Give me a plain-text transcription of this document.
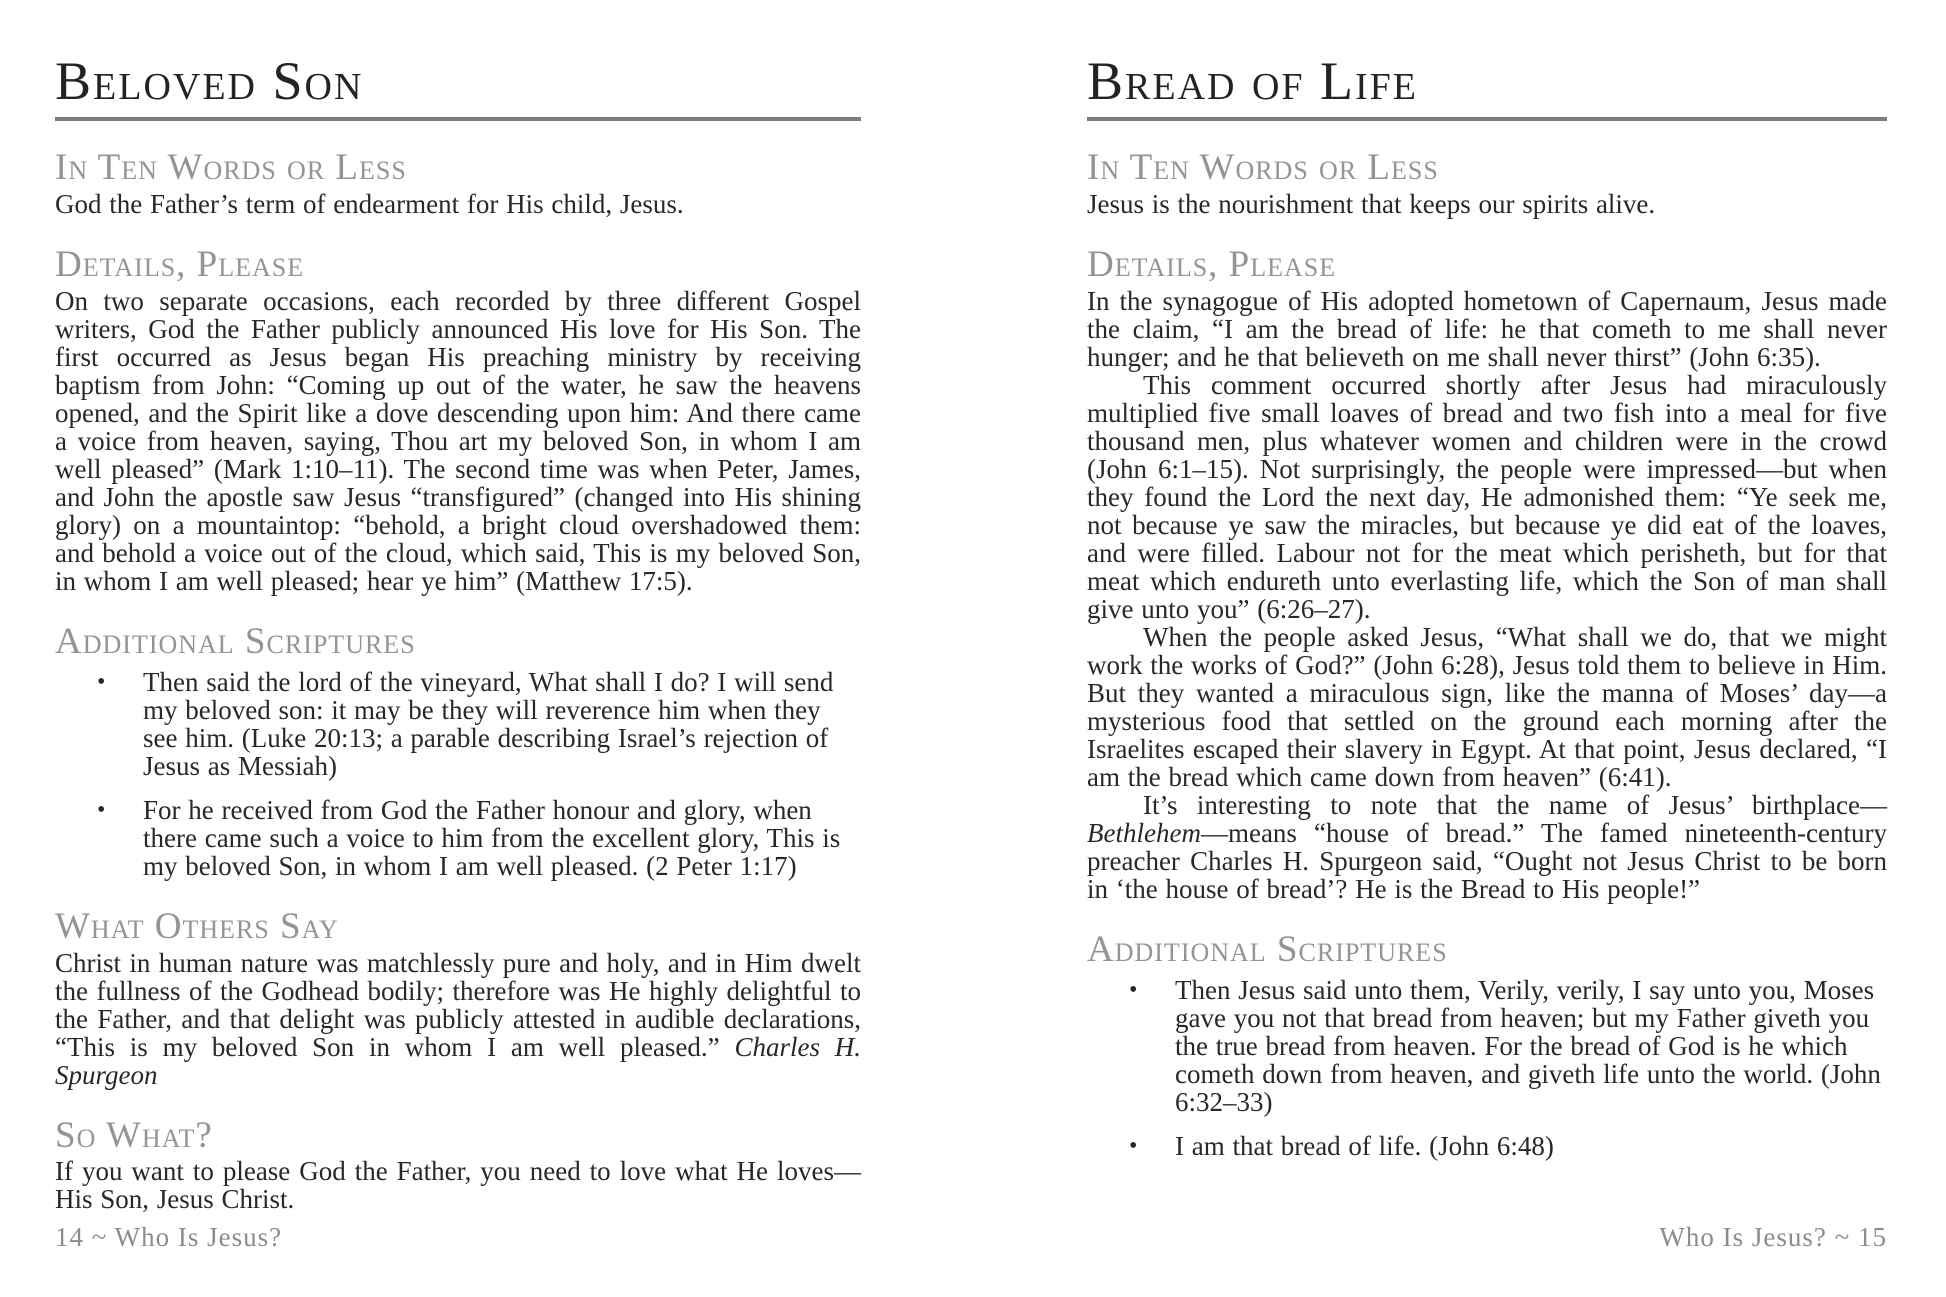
Beloved Son
In Ten Words or Less

God the Father’s term of endearment for His child, Jesus.

Details, Please

On two separate occasions, each recorded by three different Gospel writers, God the Father publicly announced His love for His Son. The first occurred as Jesus began His preaching ministry by receiving baptism from John: “Coming up out of the water, he saw the heavens opened, and the Spirit like a dove descending upon him: And there came a voice from heaven, saying, Thou art my beloved Son, in whom I am well pleased” (Mark 1:10–11). The second time was when Peter, James, and John the apostle saw Jesus “transfigured” (changed into His shining glory) on a mountaintop: “behold, a bright cloud overshadowed them: and behold a voice out of the cloud, which said, This is my beloved Son, in whom I am well pleased; hear ye him” (Matthew 17:5).

Additional Scriptures
• Then said the lord of the vineyard, What shall I do? I will send my beloved son: it may be they will reverence him when they see him. (Luke 20:13; a parable describing Israel’s rejection of Jesus as Messiah)
• For he received from God the Father honour and glory, when there came such a voice to him from the excellent glory, This is my beloved Son, in whom I am well pleased. (2 Peter 1:17)
What Others Say

Christ in human nature was matchlessly pure and holy, and in Him dwelt the fullness of the Godhead bodily; therefore was He highly delightful to the Father, and that delight was publicly attested in audible declarations, “This is my beloved Son in whom I am well pleased.” Charles H. Spurgeon

So What?

If you want to please God the Father, you need to love what He loves—His Son, Jesus Christ.

Bread of Life
In Ten Words or Less

Jesus is the nourishment that keeps our spirits alive.

Details, Please

In the synagogue of His adopted hometown of Capernaum, Jesus made the claim, “I am the bread of life: he that cometh to me shall never hunger; and he that believeth on me shall never thirst” (John 6:35).

This comment occurred shortly after Jesus had miraculously multiplied five small loaves of bread and two fish into a meal for five thousand men, plus whatever women and children were in the crowd (John 6:1–15). Not surprisingly, the people were impressed—but when they found the Lord the next day, He admonished them: “Ye seek me, not because ye saw the miracles, but because ye did eat of the loaves, and were filled. Labour not for the meat which perisheth, but for that meat which endureth unto everlasting life, which the Son of man shall give unto you” (6:26–27).

When the people asked Jesus, “What shall we do, that we might work the works of God?” (John 6:28), Jesus told them to believe in Him. But they wanted a miraculous sign, like the manna of Moses’ day—a mysterious food that settled on the ground each morning after the Israelites escaped their slavery in Egypt. At that point, Jesus declared, “I am the bread which came down from heaven” (6:41).

It’s interesting to note that the name of Jesus’ birthplace—Bethlehem—means “house of bread.” The famed nineteenth-century preacher Charles H. Spurgeon said, “Ought not Jesus Christ to be born in ‘the house of bread’? He is the Bread to His people!”

Additional Scriptures
• Then Jesus said unto them, Verily, verily, I say unto you, Moses gave you not that bread from heaven; but my Father giveth you the true bread from heaven. For the bread of God is he which cometh down from heaven, and giveth life unto the world. (John 6:32–33)
• I am that bread of life. (John 6:48)
14 ~ Who Is Jesus?	Who Is Jesus? ~ 15
